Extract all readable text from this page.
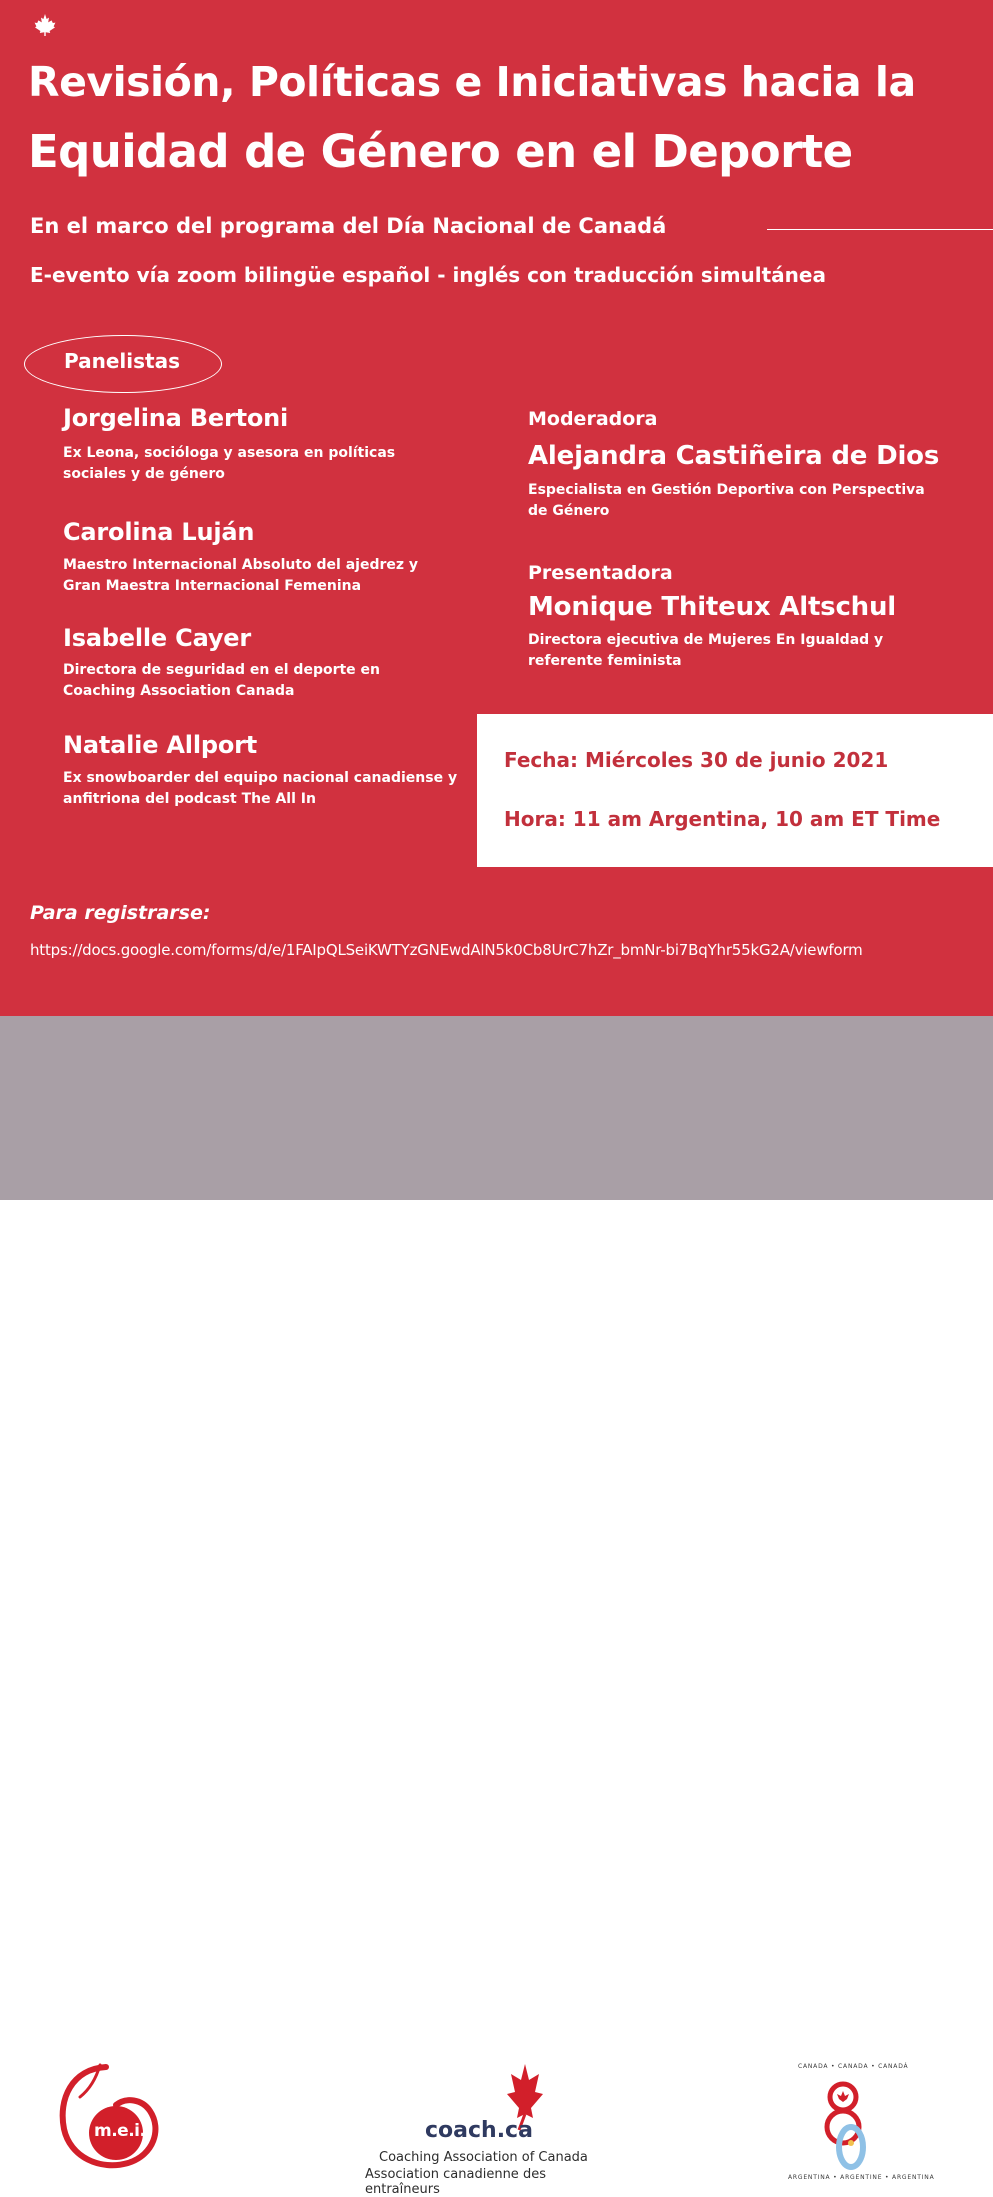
Revisión, Políticas e Iniciativas hacia la
Equidad de Género en el Deporte
En el marco del programa del Día Nacional de Canadá
E-evento vía zoom bilingüe español - inglés con traducción simultánea
Panelistas
Jorgelina Bertoni
Ex Leona, socióloga y asesora en políticas sociales y de género
Carolina Luján
Maestro Internacional Absoluto del ajedrez y Gran Maestra Internacional Femenina
Isabelle Cayer
Directora de seguridad en el deporte en Coaching Association Canada
Natalie Allport
Ex snowboarder del equipo nacional canadiense y anfitriona del podcast The All In
Moderadora
Alejandra Castiñeira de Dios
Especialista en Gestión Deportiva con Perspectiva de Género
Presentadora
Monique Thiteux Altschul
Directora ejecutiva de Mujeres En Igualdad y referente feminista
Para registrarse:
https://docs.google.com/forms/d/e/1FAIpQLSeiKWTYzGNEwdAlN5k0Cb8UrC7hZr_bmNr-bi7BqYhr55kG2A/viewform
Fecha: Miércoles 30 de junio 2021
Hora: 11 am Argentina, 10 am ET Time
m.e.i.	coach.ca
Coaching Association of Canada
Association canadienne des entraîneurs
CANADA • CANADA • CANADÁ
ARGENTINA • ARGENTINE • ARGENTINA
